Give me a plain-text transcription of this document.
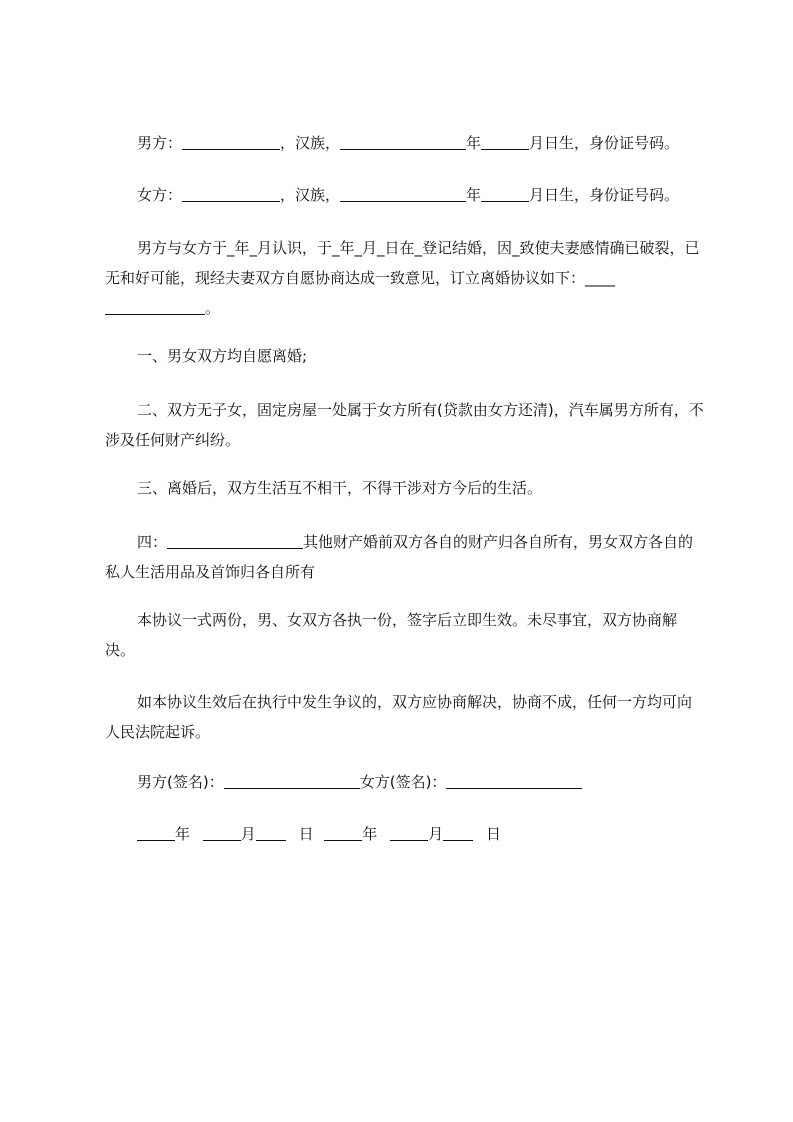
男方：	，汉族，	年	月日生，身份证号码。
女方：	，汉族，	年	月日生，身份证号码。
男方与女方于_年_月认识，于_年_月_日在_登记结婚，因_致使夫妻感情确已破裂，已无和好可能，现经夫妻双方自愿协商达成一致意见，订立离婚协议如下：____。
一、男女双方均自愿离婚;
二、双方无子女，固定房屋一处属于女方所有(贷款由女方还清)，汽车属男方所有，不涉及任何财产纠纷。
三、离婚后，双方生活互不相干，不得干涉对方今后的生活。
四：	其他财产婚前双方各自的财产归各自所有，男女双方各自的私人生活用品及首饰归各自所有
本协议一式两份，男、女双方各执一份，签字后立即生效。未尽事宜，双方协商解决。
如本协议生效后在执行中发生争议的，双方应协商解决，协商不成，任何一方均可向人民法院起诉。
男方(签名)：	女方(签名)：
年	月	日	年	月	日
